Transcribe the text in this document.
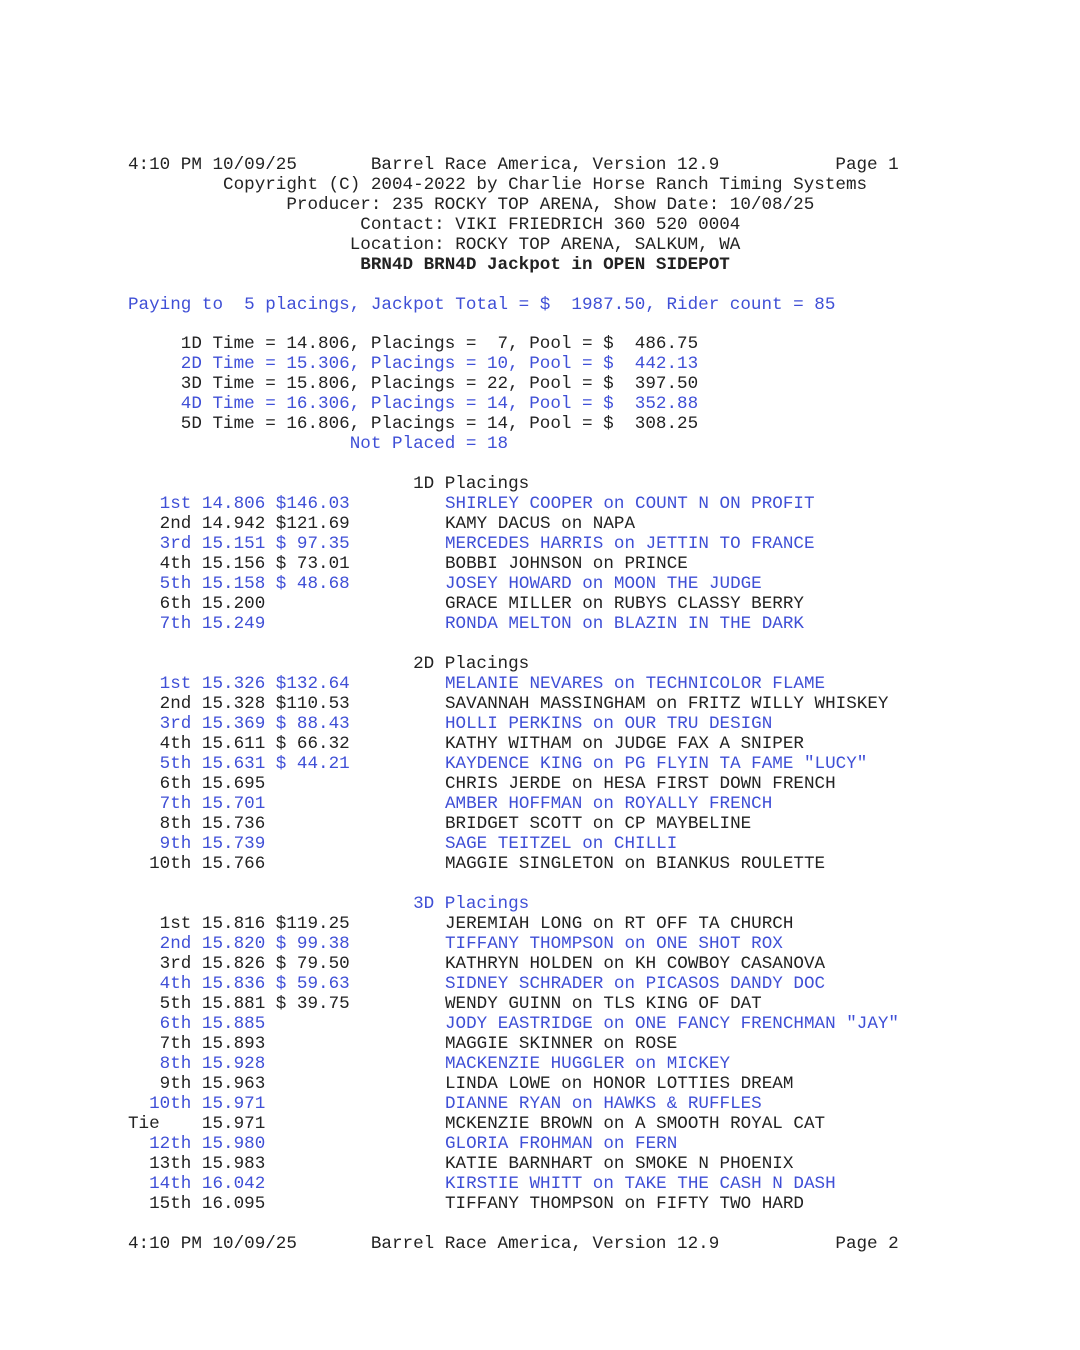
4:10 PM 10/09/25       Barrel Race America, Version 12.9           Page 1
Copyright (C) 2004-2022 by Charlie Horse Ranch Timing Systems
Producer: 235 ROCKY TOP ARENA, Show Date: 10/08/25
Contact: VIKI FRIEDRICH 360 520 0004
Location: ROCKY TOP ARENA, SALKUM, WA
BRN4D BRN4D Jackpot in OPEN SIDEPOT
Paying to  5 placings, Jackpot Total = $  1987.50, Rider count = 85
1D Time = 14.806, Placings =  7, Pool = $  486.75
2D Time = 15.306, Placings = 10, Pool = $  442.13
3D Time = 15.806, Placings = 22, Pool = $  397.50
4D Time = 16.306, Placings = 14, Pool = $  352.88
5D Time = 16.806, Placings = 14, Pool = $  308.25
Not Placed = 18
1D Placings
1st 14.806 $146.03	SHIRLEY COOPER on COUNT N ON PROFIT
2nd 14.942 $121.69	KAMY DACUS on NAPA
3rd 15.151 $ 97.35	MERCEDES HARRIS on JETTIN TO FRANCE
4th 15.156 $ 73.01	BOBBI JOHNSON on PRINCE
5th 15.158 $ 48.68	JOSEY HOWARD on MOON THE JUDGE
6th 15.200	GRACE MILLER on RUBYS CLASSY BERRY
7th 15.249	RONDA MELTON on BLAZIN IN THE DARK
2D Placings
1st 15.326 $132.64	MELANIE NEVARES on TECHNICOLOR FLAME
2nd 15.328 $110.53	SAVANNAH MASSINGHAM on FRITZ WILLY WHISKEY
3rd 15.369 $ 88.43	HOLLI PERKINS on OUR TRU DESIGN
4th 15.611 $ 66.32	KATHY WITHAM on JUDGE FAX A SNIPER
5th 15.631 $ 44.21	KAYDENCE KING on PG FLYIN TA FAME "LUCY"
6th 15.695	CHRIS JERDE on HESA FIRST DOWN FRENCH
7th 15.701	AMBER HOFFMAN on ROYALLY FRENCH
8th 15.736	BRIDGET SCOTT on CP MAYBELINE
9th 15.739	SAGE TEITZEL on CHILLI
10th 15.766	MAGGIE SINGLETON on BIANKUS ROULETTE
3D Placings
1st 15.816 $119.25	JEREMIAH LONG on RT OFF TA CHURCH
2nd 15.820 $ 99.38	TIFFANY THOMPSON on ONE SHOT ROX
3rd 15.826 $ 79.50	KATHRYN HOLDEN on KH COWBOY CASANOVA
4th 15.836 $ 59.63	SIDNEY SCHRADER on PICASOS DANDY DOC
5th 15.881 $ 39.75	WENDY GUINN on TLS KING OF DAT
6th 15.885	JODY EASTRIDGE on ONE FANCY FRENCHMAN "JAY"
7th 15.893	MAGGIE SKINNER on ROSE
8th 15.928	MACKENZIE HUGGLER on MICKEY
9th 15.963	LINDA LOWE on HONOR LOTTIES DREAM
10th 15.971	DIANNE RYAN on HAWKS & RUFFLES
Tie    15.971	MCKENZIE BROWN on A SMOOTH ROYAL CAT
12th 15.980	GLORIA FROHMAN on FERN
13th 15.983	KATIE BARNHART on SMOKE N PHOENIX
14th 16.042	KIRSTIE WHITT on TAKE THE CASH N DASH
15th 16.095	TIFFANY THOMPSON on FIFTY TWO HARD
4:10 PM 10/09/25       Barrel Race America, Version 12.9           Page 2
